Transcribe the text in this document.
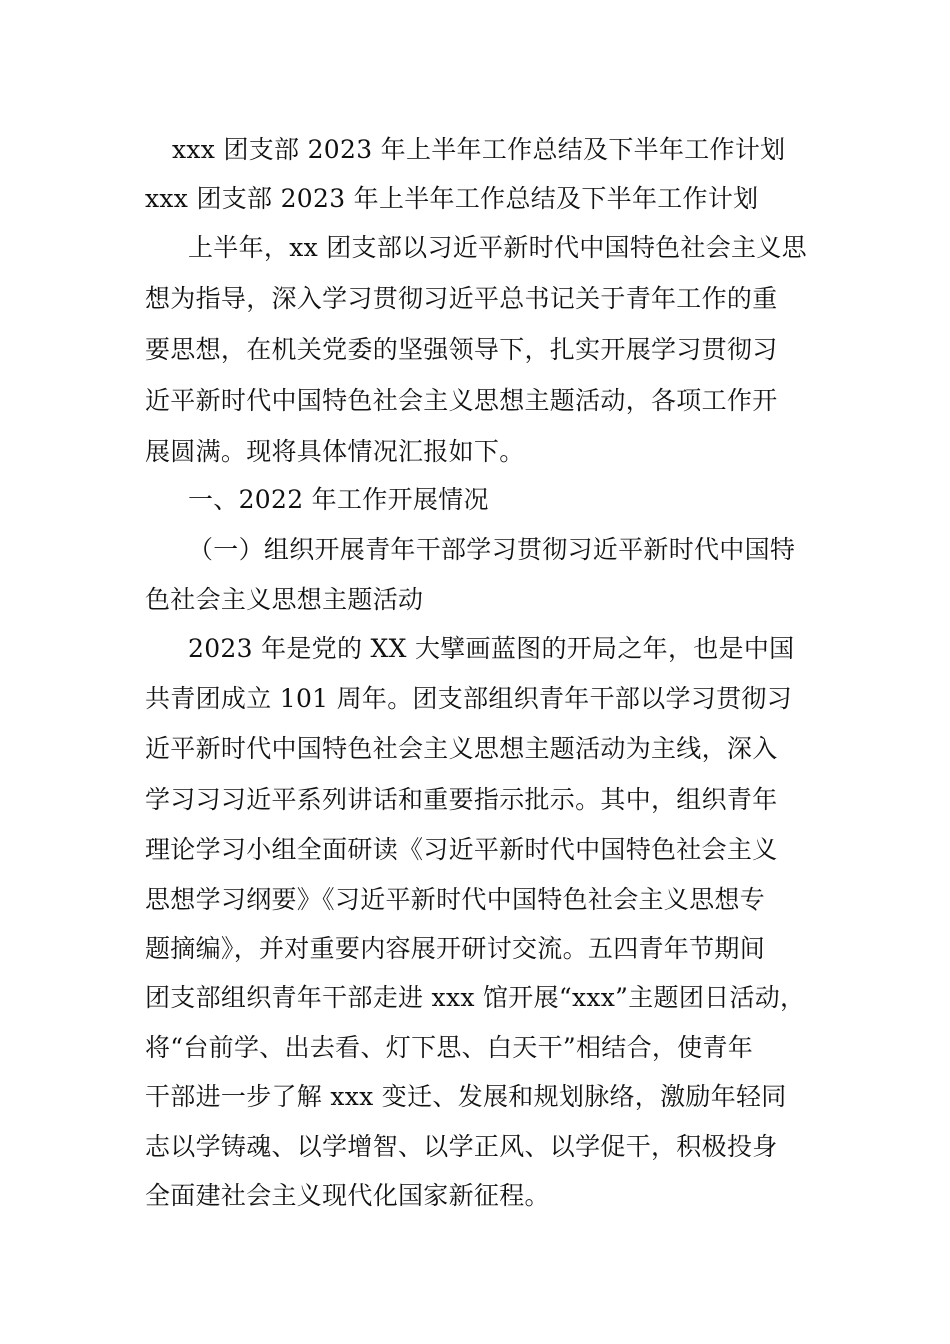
xxx 团支部 2023 年上半年工作总结及下半年工作计划

xxx 团支部 2023 年上半年工作总结及下半年工作计划

上半年，xx 团支部以习近平新时代中国特色社会主义思

想为指导，深入学习贯彻习近平总书记关于青年工作的重

要思想，在机关党委的坚强领导下，扎实开展学习贯彻习

近平新时代中国特色社会主义思想主题活动，各项工作开

展圆满。现将具体情况汇报如下。

一、2022 年工作开展情况

（一）组织开展青年干部学习贯彻习近平新时代中国特

色社会主义思想主题活动

2023 年是党的 XX 大擘画蓝图的开局之年，也是中国

共青团成立 101 周年。团支部组织青年干部以学习贯彻习

近平新时代中国特色社会主义思想主题活动为主线，深入

学习习习近平系列讲话和重要指示批示。其中，组织青年

理论学习小组全面研读《习近平新时代中国特色社会主义

思想学习纲要》《习近平新时代中国特色社会主义思想专

题摘编》，并对重要内容展开研讨交流。五四青年节期间

团支部组织青年干部走进 xxx 馆开展“xxx”主题团日活动，

将“台前学、出去看、灯下思、白天干”相结合，使青年

干部进一步了解 xxx 变迁、发展和规划脉络，激励年轻同

志以学铸魂、以学增智、以学正风、以学促干，积极投身

全面建社会主义现代化国家新征程。
